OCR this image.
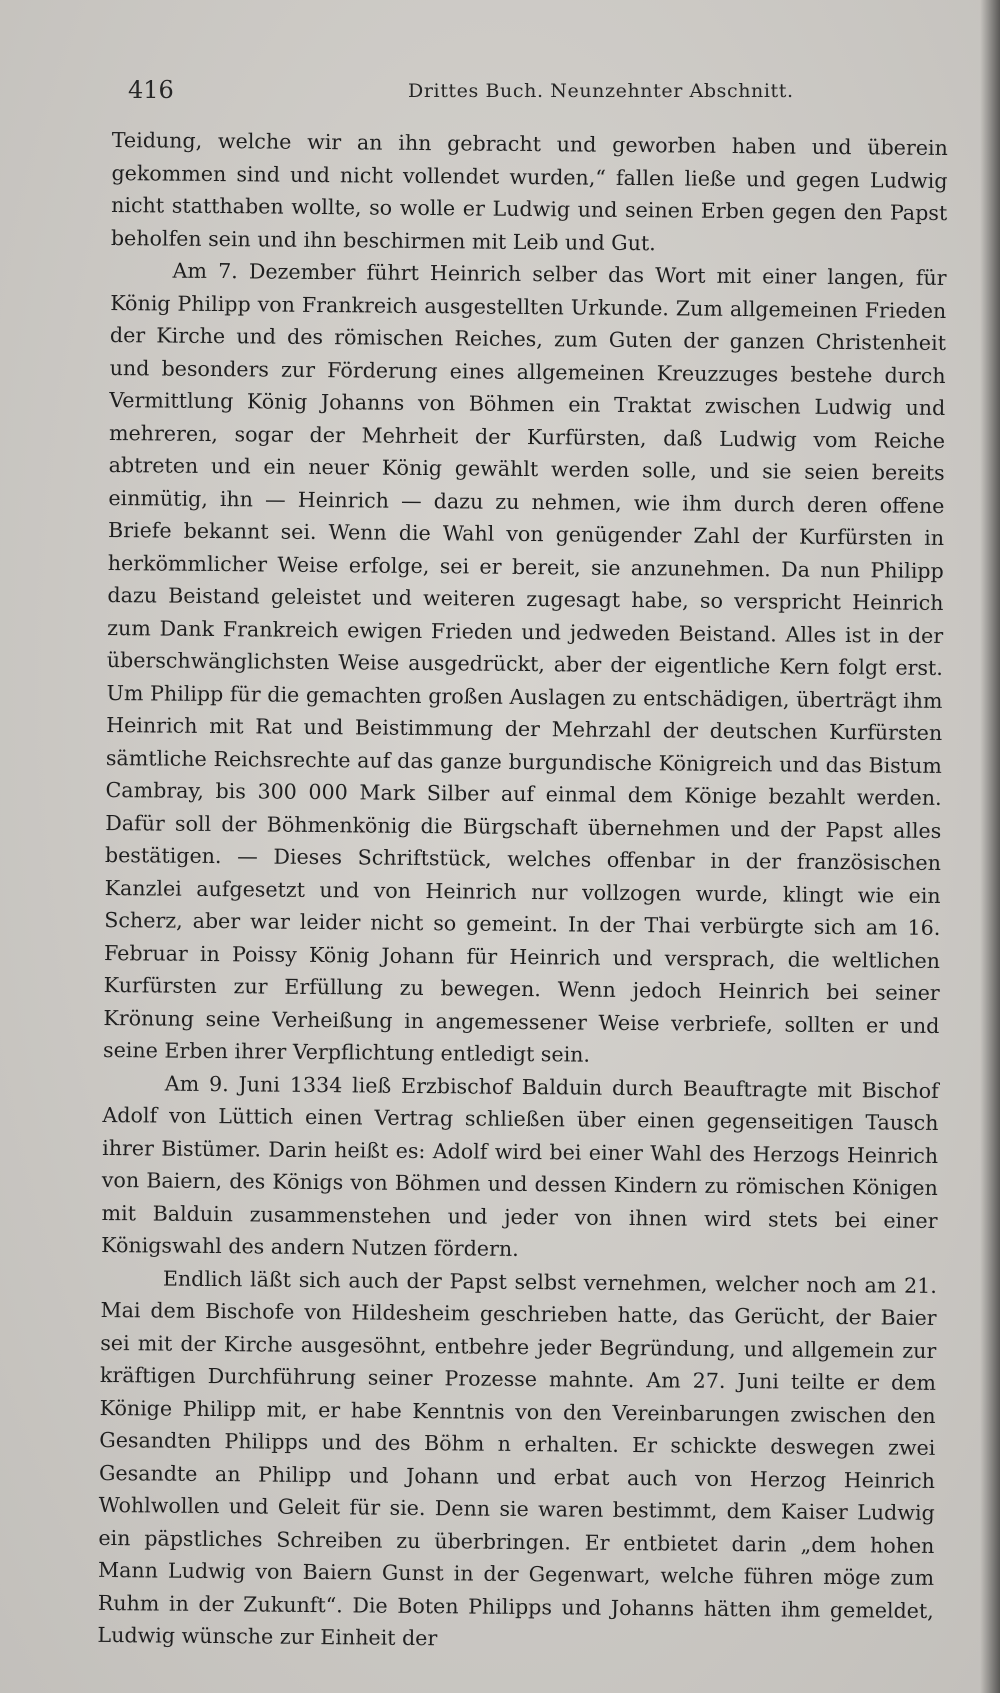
416	Drittes Buch. Neunzehnter Abschnitt.

Teidung, welche wir an ihn gebracht und geworben haben und überein gekommen sind und nicht vollendet wurden,“ fallen ließe und gegen Ludwig nicht statthaben wollte, so wolle er Ludwig und seinen Erben gegen den Papst beholfen sein und ihn beschirmen mit Leib und Gut.

Am 7. Dezember führt Heinrich selber das Wort mit einer langen, für König Philipp von Frankreich ausgestellten Urkunde. Zum allgemeinen Frieden der Kirche und des römischen Reiches, zum Guten der ganzen Christenheit und besonders zur Förderung eines allgemeinen Kreuzzuges bestehe durch Vermittlung König Johanns von Böhmen ein Traktat zwischen Ludwig und mehreren, sogar der Mehrheit der Kurfürsten, daß Ludwig vom Reiche abtreten und ein neuer König gewählt werden solle, und sie seien bereits einmütig, ihn — Heinrich — dazu zu nehmen, wie ihm durch deren offene Briefe bekannt sei. Wenn die Wahl von genügender Zahl der Kurfürsten in herkömmlicher Weise erfolge, sei er bereit, sie anzunehmen. Da nun Philipp dazu Beistand geleistet und weiteren zugesagt habe, so verspricht Heinrich zum Dank Frankreich ewigen Frieden und jedweden Beistand. Alles ist in der überschwänglichsten Weise ausgedrückt, aber der eigentliche Kern folgt erst. Um Philipp für die gemachten großen Auslagen zu entschädigen, überträgt ihm Heinrich mit Rat und Beistimmung der Mehrzahl der deutschen Kurfürsten sämtliche Reichsrechte auf das ganze burgundische Königreich und das Bistum Cambray, bis 300 000 Mark Silber auf einmal dem Könige bezahlt werden. Dafür soll der Böhmenkönig die Bürgschaft übernehmen und der Papst alles bestätigen. — Dieses Schriftstück, welches offenbar in der französischen Kanzlei aufgesetzt und von Heinrich nur vollzogen wurde, klingt wie ein Scherz, aber war leider nicht so gemeint. In der Thai verbürgte sich am 16. Februar in Poissy König Johann für Heinrich und versprach, die weltlichen Kurfürsten zur Erfüllung zu bewegen. Wenn jedoch Heinrich bei seiner Krönung seine Verheißung in angemessener Weise verbriefe, sollten er und seine Erben ihrer Verpflichtung entledigt sein.

Am 9. Juni 1334 ließ Erzbischof Balduin durch Beauftragte mit Bischof Adolf von Lüttich einen Vertrag schließen über einen gegenseitigen Tausch ihrer Bistümer. Darin heißt es: Adolf wird bei einer Wahl des Herzogs Heinrich von Baiern, des Königs von Böhmen und dessen Kindern zu römischen Königen mit Balduin zusammenstehen und jeder von ihnen wird stets bei einer Königswahl des andern Nutzen fördern.

Endlich läßt sich auch der Papst selbst vernehmen, welcher noch am 21. Mai dem Bischofe von Hildesheim geschrieben hatte, das Gerücht, der Baier sei mit der Kirche ausgesöhnt, entbehre jeder Begründung, und allgemein zur kräftigen Durchführung seiner Prozesse mahnte. Am 27. Juni teilte er dem Könige Philipp mit, er habe Kenntnis von den Vereinbarungen zwischen den Gesandten Philipps und des Böhm n erhalten. Er schickte deswegen zwei Gesandte an Philipp und Johann und erbat auch von Herzog Heinrich Wohlwollen und Geleit für sie. Denn sie waren bestimmt, dem Kaiser Ludwig ein päpstliches Schreiben zu überbringen. Er entbietet darin „dem hohen Mann Ludwig von Baiern Gunst in der Gegenwart, welche führen möge zum Ruhm in der Zukunft“. Die Boten Philipps und Johanns hätten ihm gemeldet, Ludwig wünsche zur Einheit der
